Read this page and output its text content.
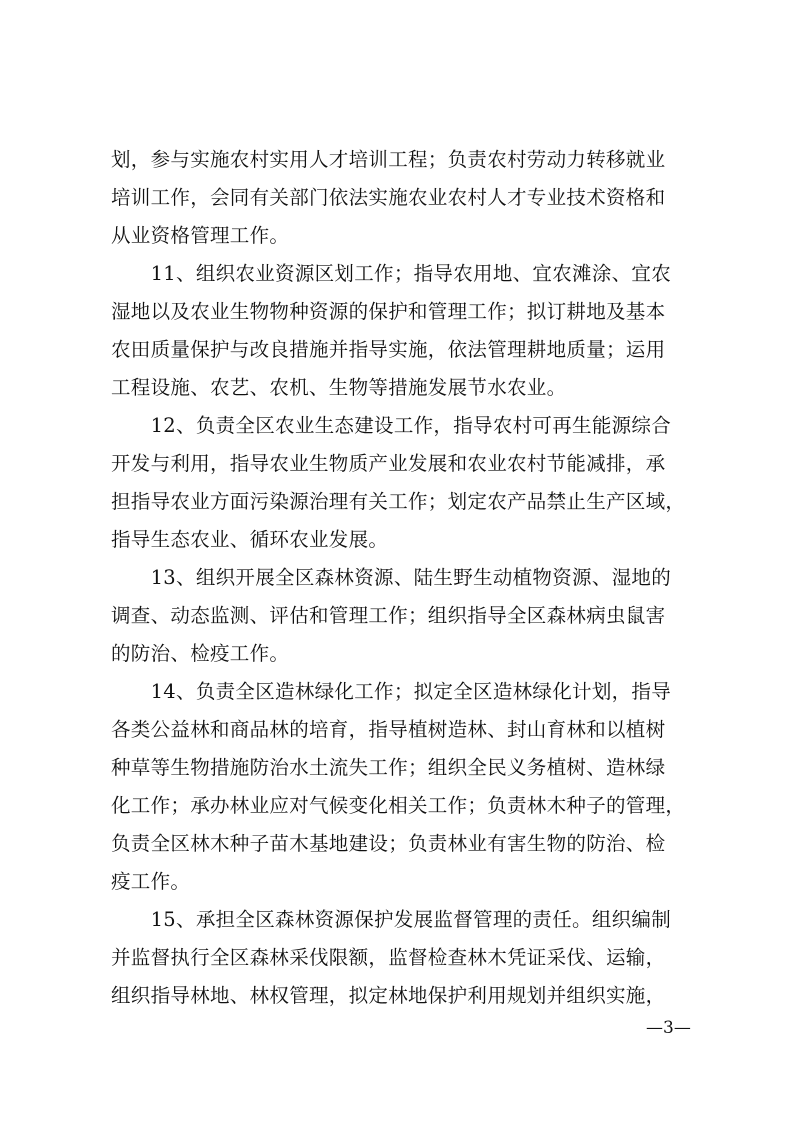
划，参与实施农村实用人才培训工程；负责农村劳动力转移就业
培训工作，会同有关部门依法实施农业农村人才专业技术资格和
从业资格管理工作。
　　11、组织农业资源区划工作；指导农用地、宜农滩涂、宜农
湿地以及农业生物物种资源的保护和管理工作；拟订耕地及基本
农田质量保护与改良措施并指导实施，依法管理耕地质量；运用
工程设施、农艺、农机、生物等措施发展节水农业。
　　12、负责全区农业生态建设工作，指导农村可再生能源综合
开发与利用，指导农业生物质产业发展和农业农村节能减排，承
担指导农业方面污染源治理有关工作；划定农产品禁止生产区域，
指导生态农业、循环农业发展。
　　13、组织开展全区森林资源、陆生野生动植物资源、湿地的
调查、动态监测、评估和管理工作；组织指导全区森林病虫鼠害
的防治、检疫工作。
　　14、负责全区造林绿化工作；拟定全区造林绿化计划，指导
各类公益林和商品林的培育，指导植树造林、封山育林和以植树
种草等生物措施防治水土流失工作；组织全民义务植树、造林绿
化工作；承办林业应对气候变化相关工作；负责林木种子的管理，
负责全区林木种子苗木基地建设；负责林业有害生物的防治、检
疫工作。
　　15、承担全区森林资源保护发展监督管理的责任。组织编制
并监督执行全区森林采伐限额，监督检查林木凭证采伐、运输，
组织指导林地、林权管理，拟定林地保护利用规划并组织实施，
—3—
